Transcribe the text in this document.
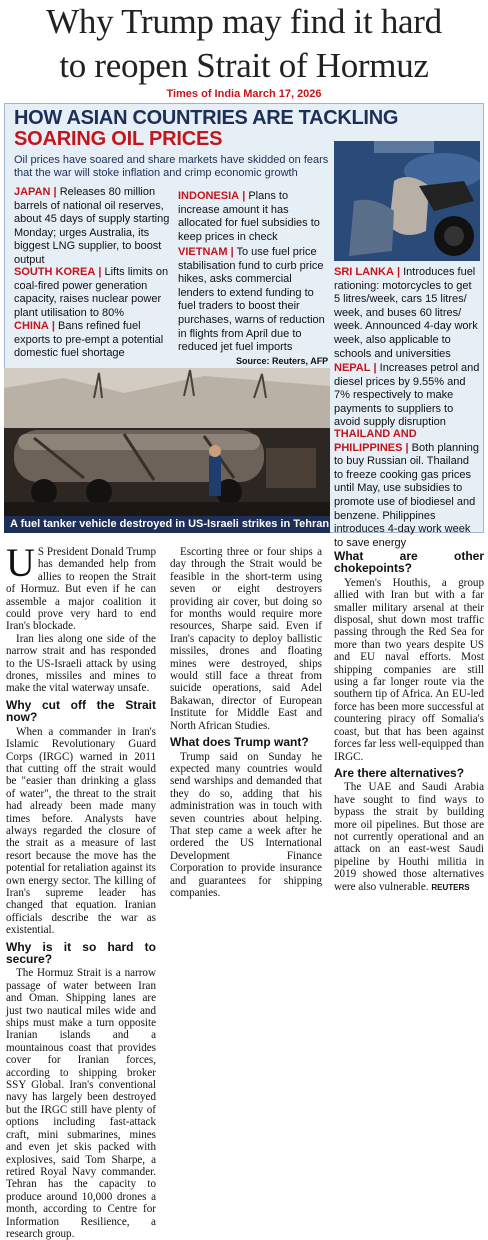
Why Trump may find it hard
to reopen Strait of Hormuz
Times of India March 17, 2026
HOW ASIAN COUNTRIES ARE TACKLING
SOARING OIL PRICES
Oil prices have soared and share markets have skidded on fears that the war will stoke inflation and crimp economic growth
JAPAN | Releases 80 million barrels of national oil reserves, about 45 days of supply starting Monday; urges Australia, its biggest LNG supplier, to boost output
SOUTH KOREA | Lifts limits on coal-fired power generation capacity, raises nuclear power plant utilisation to 80%
CHINA | Bans refined fuel exports to pre-empt a potential domestic fuel shortage
INDONESIA | Plans to increase amount it has allocated for fuel subsidies to keep prices in check
VIETNAM | To use fuel price stabilisation fund to curb price hikes, asks commercial lenders to extend funding to fuel traders to boost their purchases, warns of reduction in flights from April due to reduced jet fuel imports
Source: Reuters, AFP
SRI LANKA | Introduces fuel rationing: motorcycles to get 5 litres/week, cars 15 litres/ week, and buses 60 litres/ week. Announced 4-day work week, also applicable to schools and universities
NEPAL | Increases petrol and diesel prices by 9.55% and 7% respectively to make payments to suppliers to avoid supply disruption
THAILAND AND PHILIPPINES | Both planning to buy Russian oil. Thailand to freeze cooking gas prices until May, use subsidies to promote use of biodiesel and benzene. Philippines introduces 4-day work week to save energy
A fuel tanker vehicle destroyed in US-Israeli strikes in Tehran

U S President Donald Trump has demanded help from allies to reopen the Strait of Hormuz. But even if he can assemble a major coalition it could prove very hard to end Iran's blockade.

Iran lies along one side of the narrow strait and has responded to the US-Israeli attack by using drones, missiles and mines to make the vital waterway unsafe.

Why cut off the Strait now?

When a commander in Iran's Islamic Revolutionary Guard Corps (IRGC) warned in 2011 that cutting off the strait would be "easier than drinking a glass of water", the threat to the strait had already been made many times before. Analysts have always regarded the closure of the strait as a measure of last resort because the move has the potential for retaliation against its own energy sector. The killing of Iran's supreme leader has changed that equation. Iranian officials describe the war as existential.

Why is it so hard to secure?

The Hormuz Strait is a narrow passage of water between Iran and Oman. Shipping lanes are just two nautical miles wide and ships must make a turn opposite Iranian islands and a mountainous coast that provides cover for Iranian forces, according to shipping broker SSY Global. Iran's conventional navy has largely been destroyed but the IRGC still have plenty of options including fast-attack craft, mini submarines, mines and even jet skis packed with explosives, said Tom Sharpe, a retired Royal Navy commander. Tehran has the capacity to produce around 10,000 drones a month, according to Centre for Information Resilience, a research group.

Escorting three or four ships a day through the Strait would be feasible in the short-term using seven or eight destroyers providing air cover, but doing so for months would require more resources, Sharpe said. Even if Iran's capacity to deploy ballistic missiles, drones and floating mines were destroyed, ships would still face a threat from suicide operations, said Adel Bakawan, director of European Institute for Middle East and North African Studies.

What does Trump want?

Trump said on Sunday he expected many countries would send warships and demanded that they do so, adding that his administration was in touch with seven countries about helping. That step came a week after he ordered the US International Development Finance Corporation to provide insurance and guarantees for shipping companies.

What are other chokepoints?

Yemen's Houthis, a group allied with Iran but with a far smaller military arsenal at their disposal, shut down most traffic passing through the Red Sea for more than two years despite US and EU naval efforts. Most shipping companies are still using a far longer route via the southern tip of Africa. An EU-led force has been more successful at countering piracy off Somalia's coast, but that has been against forces far less well-equipped than IRGC.

Are there alternatives?

The UAE and Saudi Arabia have sought to find ways to bypass the strait by building more oil pipelines. But those are not currently operational and an attack on an east-west Saudi pipeline by Houthi militia in 2019 showed those alternatives were also vulnerable. REUTERS
